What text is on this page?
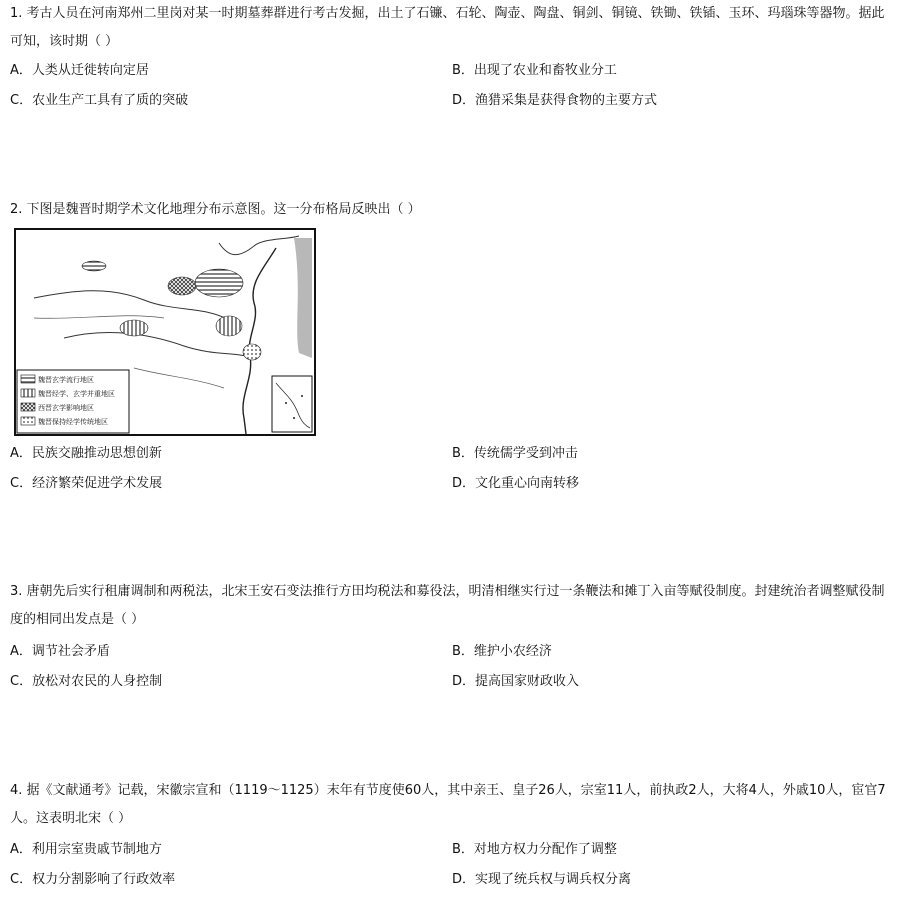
1. 考古人员在河南郑州二里岗对某一时期墓葬群进行考古发掘，出土了石镰、石轮、陶壶、陶盘、铜剑、铜镜、铁锄、铁锸、玉环、玛瑙珠等器物。据此可知，该时期（ ）

A．人类从迁徙转向定居	B．出现了农业和畜牧业分工
C．农业生产工具有了质的突破	D．渔猎采集是获得食物的主要方式

2. 下图是魏晋时期学术文化地理分布示意图。这一分布格局反映出（ ）

魏晋玄学流行地区
魏晋经学、玄学并重地区
西晋玄学影响地区
魏晋保持经学传统地区
A．民族交融推动思想创新	B．传统儒学受到冲击
C．经济繁荣促进学术发展	D．文化重心向南转移

3. 唐朝先后实行租庸调制和两税法，北宋王安石变法推行方田均税法和募役法，明清相继实行过一条鞭法和摊丁入亩等赋役制度。封建统治者调整赋役制度的相同出发点是（ ）

A．调节社会矛盾	B．维护小农经济
C．放松对农民的人身控制	D．提高国家财政收入

4. 据《文献通考》记载，宋徽宗宣和（1119～1125）末年有节度使60人，其中亲王、皇子26人，宗室11人，前执政2人，大将4人，外戚10人，宦官7人。这表明北宋（ ）

A．利用宗室贵戚节制地方	B．对地方权力分配作了调整
C．权力分割影响了行政效率	D．实现了统兵权与调兵权分离
